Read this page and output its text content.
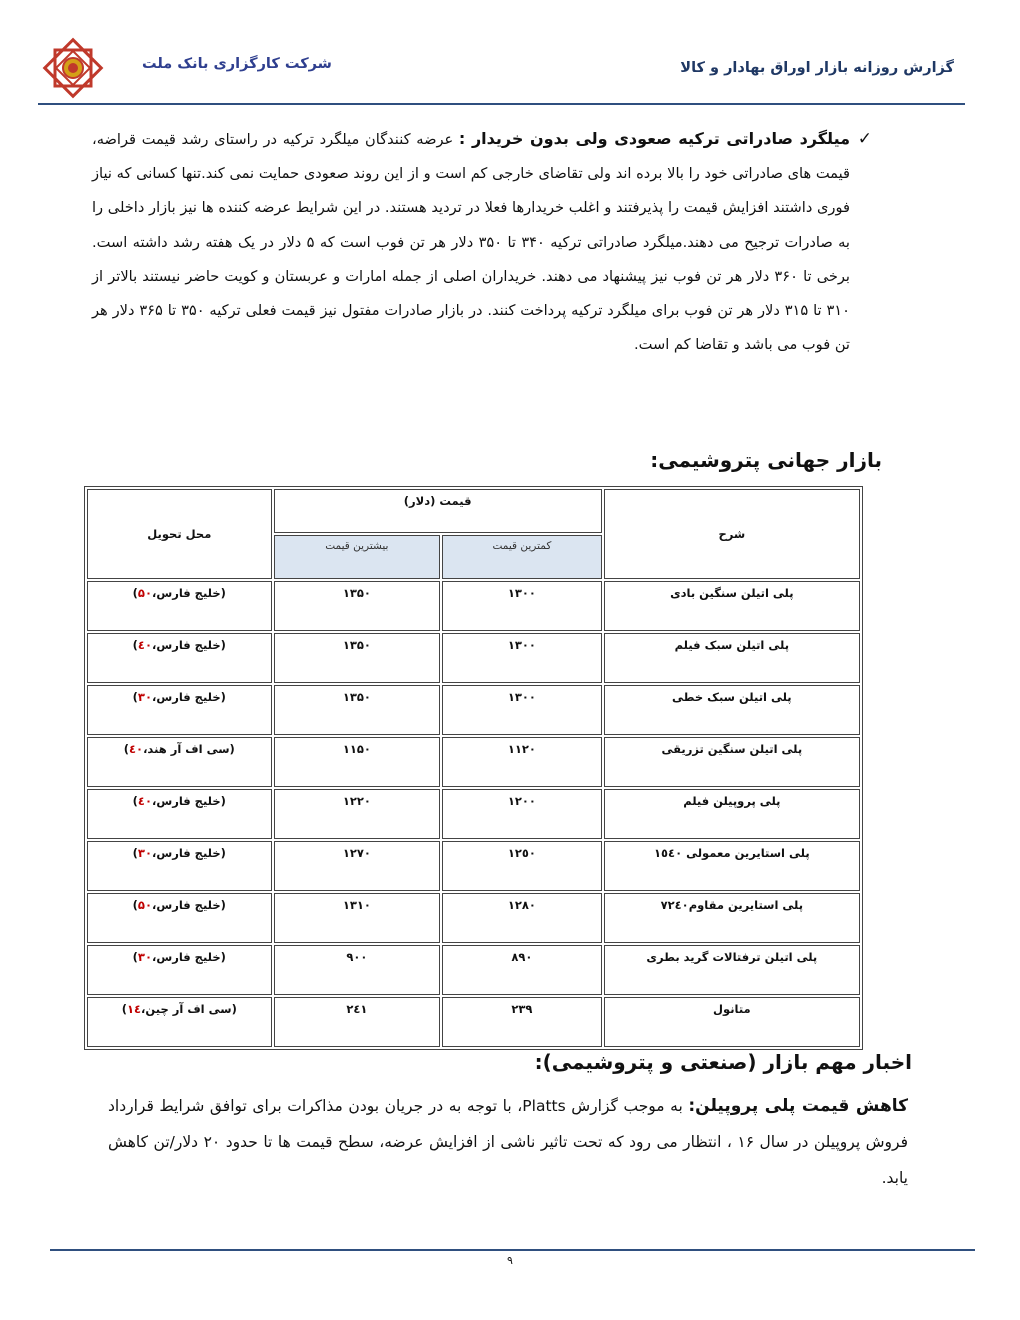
شرکت کارگزاری بانک ملت	گزارش روزانه بازار اوراق بهادار و کالا
✓
میلگرد صادراتی ترکیه صعودی ولی بدون خریدار : عرضه کنندگان میلگرد ترکیه در راستای رشد قیمت قراضه، قیمت های صادراتی خود را بالا برده اند ولی تقاضای خارجی کم است و از این روند صعودی حمایت نمی کند.تنها کسانی که نیاز فوری داشتند افزایش قیمت را پذیرفتند و اغلب خریدارها فعلا در تردید هستند. در این شرایط عرضه کننده ها نیز بازار داخلی را به صادرات ترجیح می دهند.میلگرد صادراتی ترکیه ۳۴۰ تا ۳۵۰ دلار هر تن فوب است که ۵ دلار در یک هفته رشد داشته است. برخی تا ۳۶۰ دلار هر تن فوب نیز پیشنهاد می دهند. خریداران اصلی از جمله امارات و عربستان و کویت حاضر نیستند بالاتر از ۳۱۰ تا ۳۱۵ دلار هر تن فوب برای میلگرد ترکیه پرداخت کنند. در بازار صادرات مفتول نیز قیمت فعلی ترکیه ۳۵۰ تا ۳۶۵ دلار هر تن فوب می باشد و تقاضا کم است.
بازار جهانی پتروشیمی:
شرح	قیمت (دلار)		محل تحویل
	کمترین قیمت	بیشترین قیمت	
پلی اتیلن سنگین بادی	۱۳۰۰	۱۳۵۰	(خلیج فارس،۵۰)
پلی اتیلن سبک فیلم	۱۳۰۰	۱۳۵۰	(خلیج فارس،٤۰)
پلی اتیلن سبک خطی	۱۳۰۰	۱۳۵۰	(خلیج فارس،۳۰)
پلی اتیلن سنگین تزریقی	۱۱۲۰	۱۱۵۰	(سی اف آر هند،٤۰)
پلی پروپیلن فیلم	۱۲۰۰	۱۲۲۰	(خلیج فارس،٤۰)
پلی استایرین معمولی ۱٥٤۰	۱۲٥۰	۱۲۷۰	(خلیج فارس،۳۰)
پلی استایرین مقاوم۷۲٤۰	۱۲۸۰	۱۳۱۰	(خلیج فارس،۵۰)
پلی اتیلن ترفتالات گرید بطری	۸۹۰	۹۰۰	(خلیج فارس،۳۰)
متانول	۲۳۹	۲٤۱	(سی اف آر چین،۱٤)
اخبار مهم بازار (صنعتی و پتروشیمی):
کاهش قیمت پلی پروپیلن: به موجب گزارش Platts، با توجه به در جریان بودن مذاکرات برای توافق شرایط قرارداد فروش پروپیلن در سال ۱۶ ، انتظار می رود که تحت تاثیر ناشی از افزایش عرضه، سطح قیمت ها تا حدود ۲۰ دلار/تن کاهش یابد.
۹
